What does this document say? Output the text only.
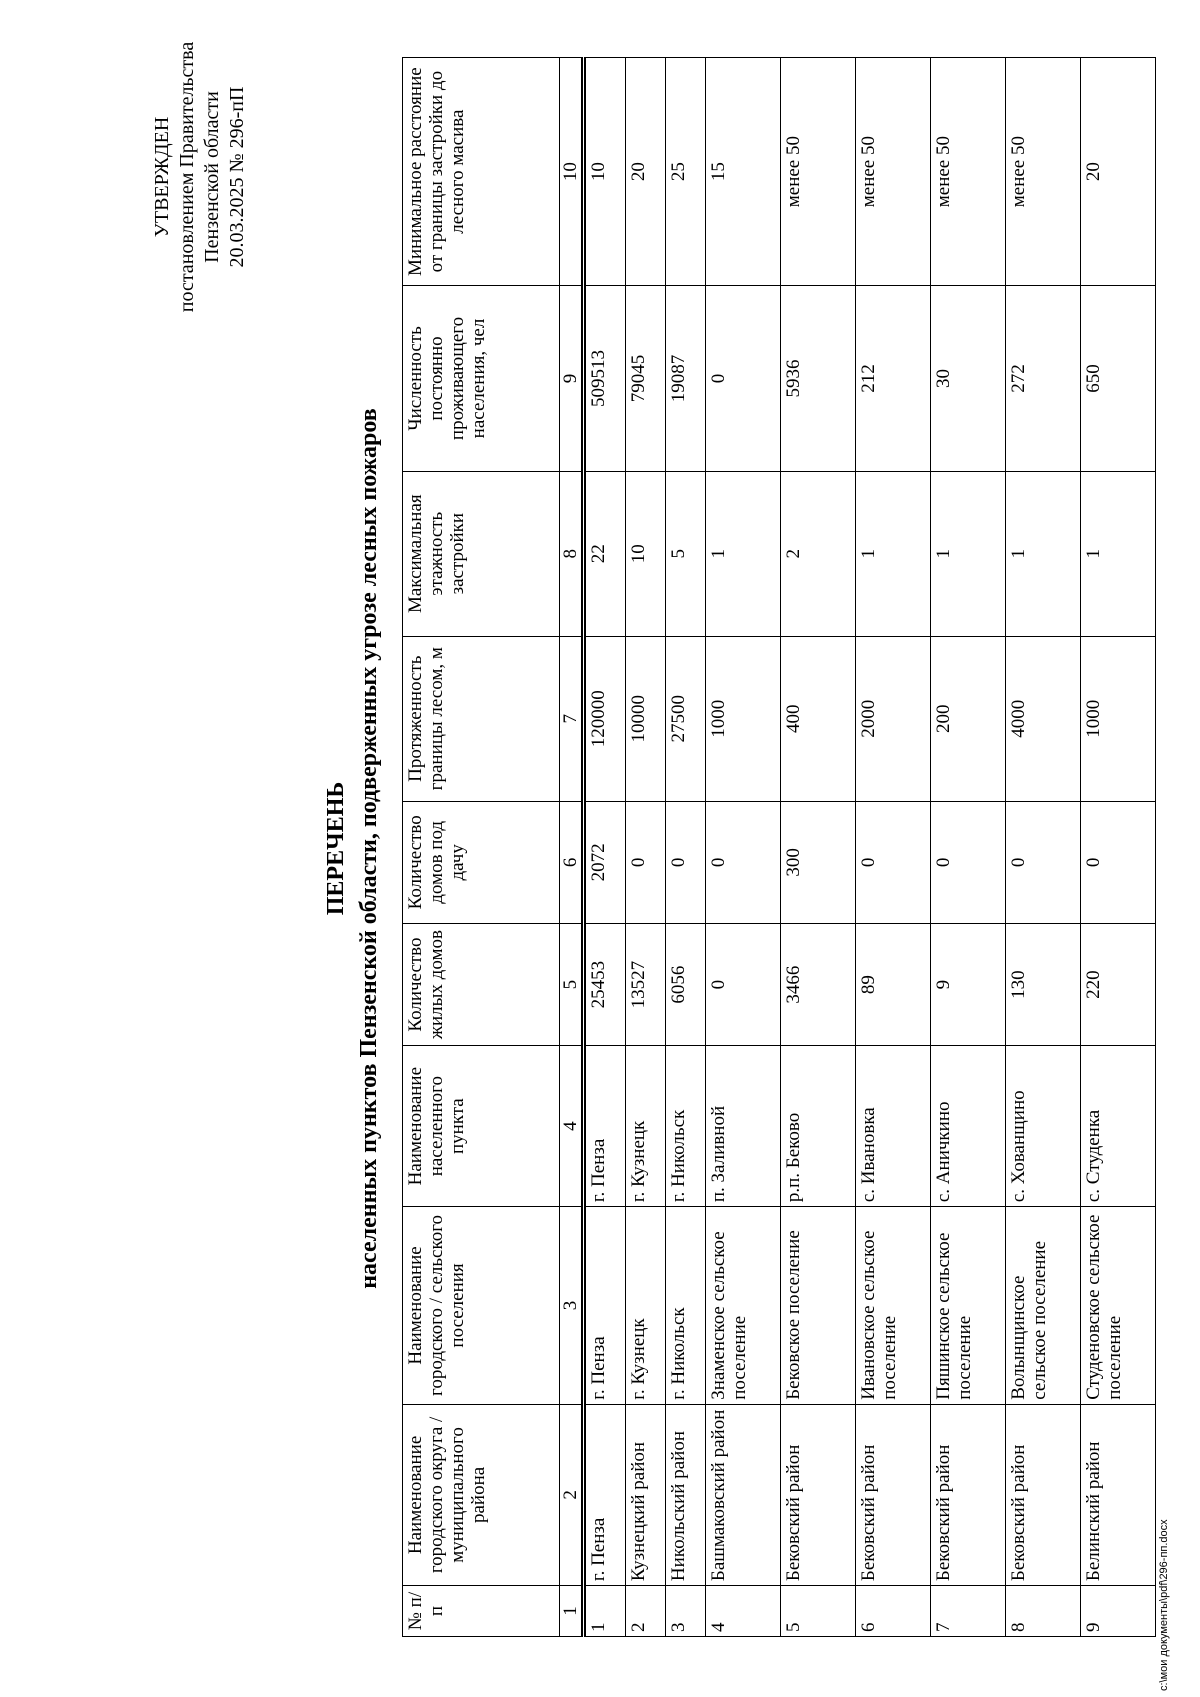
УТВЕРЖДЕН постановлением Правительства Пензенской области 20.03.2025 № 296-пП
ПЕРЕЧЕНЬ населенных пунктов Пензенской области, подверженных угрозе лесных пожаров
№ п/п	Наименование городского округа / муниципального района	Наименование городского / сельского поселения	Наименование населенного пункта	Количество жилых домов	Количество домов под дачу	Протяженность границы лесом, м	Максимальная этажность застройки	Численность постоянно проживающего населения, чел	Минимальное расстояние от границы застройки до лесного масива
1	2	3	4	5	6	7	8	9	10
1	г. Пенза	г. Пенза	г. Пенза	25453	2072	120000	22	509513	10
2	Кузнецкий район	г. Кузнецк	г. Кузнецк	13527	0	10000	10	79045	20
3	Никольский район	г. Никольск	г. Никольск	6056	0	27500	5	19087	25
4	Башмаковский район	Знаменское сельское поселение	п. Заливной	0	0	1000	1	0	15
5	Бековский район	Бековское поселение	р.п. Беково	3466	300	400	2	5936	менее 50
6	Бековский район	Ивановское сельское поселение	с. Ивановка	89	0	2000	1	212	менее 50
7	Бековский район	Пяшинское сельское поселение	с. Аничкино	9	0	200	1	30	менее 50
8	Бековский район	Волынщинское сельское поселение	с. Хованщино	130	0	4000	1	272	менее 50
9	Белинский район	Студеновское сельское поселение	с. Студенка	220	0	1000	1	650	20
c:\мои документы\pdf\296-пп.docx
